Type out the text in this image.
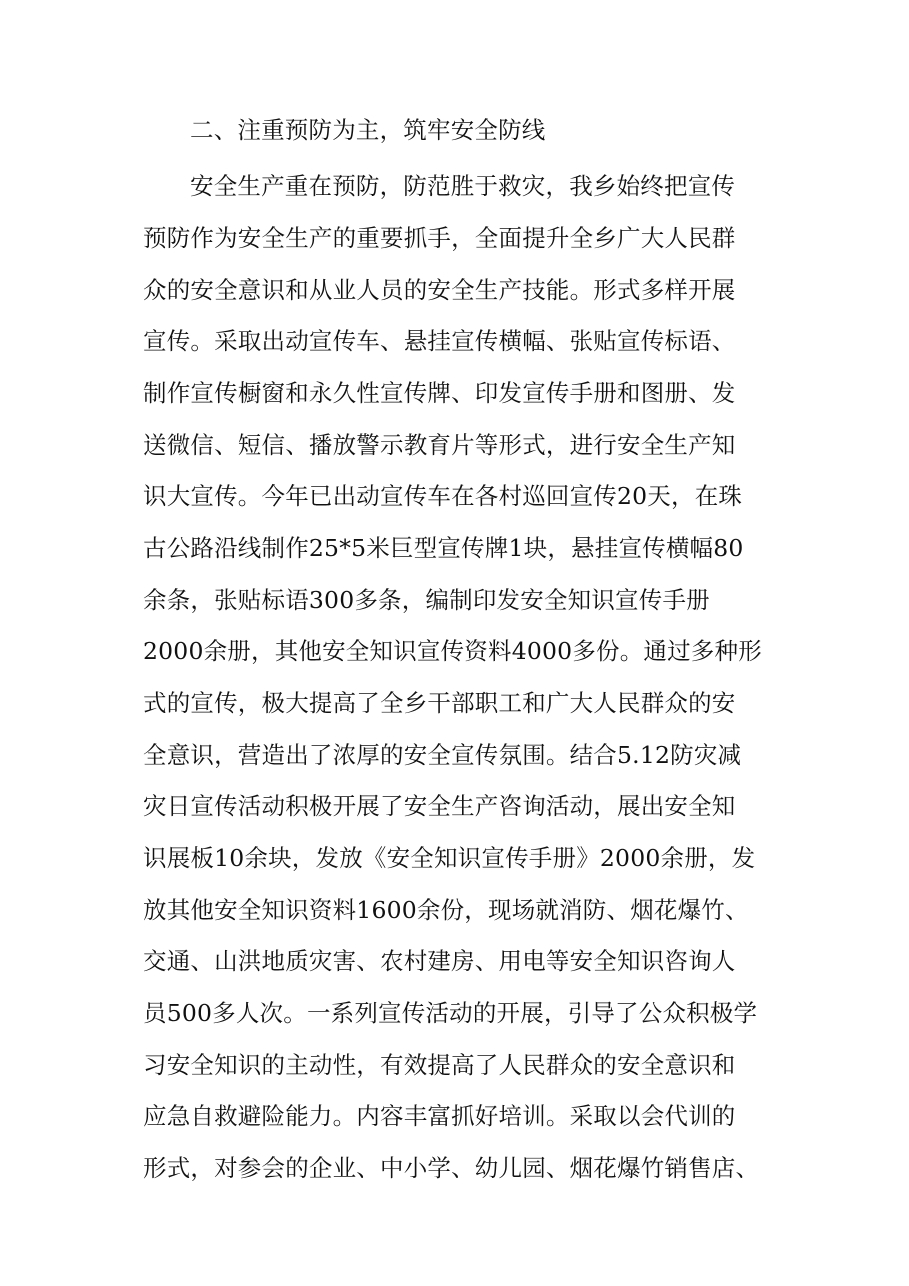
二、注重预防为主，筑牢安全防线
安全生产重在预防，防范胜于救灾，我乡始终把宣传
预防作为安全生产的重要抓手，全面提升全乡广大人民群
众的安全意识和从业人员的安全生产技能。形式多样开展
宣传。采取出动宣传车、悬挂宣传横幅、张贴宣传标语、
制作宣传橱窗和永久性宣传牌、印发宣传手册和图册、发
送微信、短信、播放警示教育片等形式，进行安全生产知
识大宣传。今年已出动宣传车在各村巡回宣传20天，在珠
古公路沿线制作25*5米巨型宣传牌1块，悬挂宣传横幅80
余条，张贴标语300多条，编制印发安全知识宣传手册
2000余册，其他安全知识宣传资料4000多份。通过多种形
式的宣传，极大提高了全乡干部职工和广大人民群众的安
全意识，营造出了浓厚的安全宣传氛围。结合5.12防灾减
灾日宣传活动积极开展了安全生产咨询活动，展出安全知
识展板10余块，发放《安全知识宣传手册》2000余册，发
放其他安全知识资料1600余份，现场就消防、烟花爆竹、
交通、山洪地质灾害、农村建房、用电等安全知识咨询人
员500多人次。一系列宣传活动的开展，引导了公众积极学
习安全知识的主动性，有效提高了人民群众的安全意识和
应急自救避险能力。内容丰富抓好培训。采取以会代训的
形式，对参会的企业、中小学、幼儿园、烟花爆竹销售店、
